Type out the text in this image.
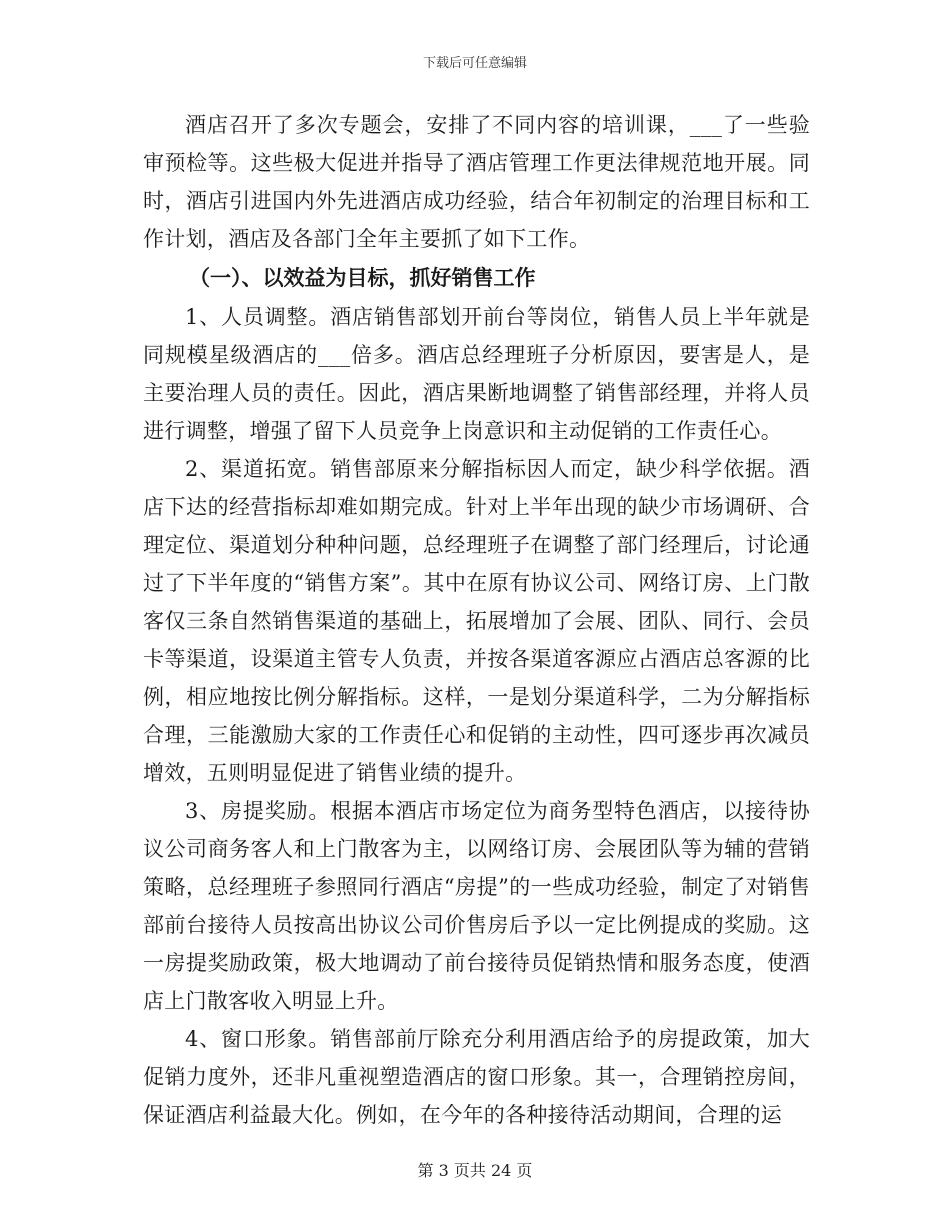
下载后可任意编辑

酒店召开了多次专题会，安排了不同内容的培训课，___了一些验审预检等。这些极大促进并指导了酒店管理工作更法律规范地开展。同时，酒店引进国内外先进酒店成功经验，结合年初制定的治理目标和工作计划，酒店及各部门全年主要抓了如下工作。

（一）、以效益为目标，抓好销售工作

1、人员调整。酒店销售部划开前台等岗位，销售人员上半年就是同规模星级酒店的___倍多。酒店总经理班子分析原因，要害是人，是主要治理人员的责任。因此，酒店果断地调整了销售部经理，并将人员进行调整，增强了留下人员竞争上岗意识和主动促销的工作责任心。

2、渠道拓宽。销售部原来分解指标因人而定，缺少科学依据。酒店下达的经营指标却难如期完成。针对上半年出现的缺少市场调研、合理定位、渠道划分种种问题，总经理班子在调整了部门经理后，讨论通过了下半年度的“销售方案”。其中在原有协议公司、网络订房、上门散客仅三条自然销售渠道的基础上，拓展增加了会展、团队、同行、会员卡等渠道，设渠道主管专人负责，并按各渠道客源应占酒店总客源的比例，相应地按比例分解指标。这样，一是划分渠道科学，二为分解指标合理，三能激励大家的工作责任心和促销的主动性，四可逐步再次减员增效，五则明显促进了销售业绩的提升。

3、房提奖励。根据本酒店市场定位为商务型特色酒店，以接待协议公司商务客人和上门散客为主，以网络订房、会展团队等为辅的营销策略，总经理班子参照同行酒店“房提”的一些成功经验，制定了对销售部前台接待人员按高出协议公司价售房后予以一定比例提成的奖励。这一房提奖励政策，极大地调动了前台接待员促销热情和服务态度，使酒店上门散客收入明显上升。

4、窗口形象。销售部前厅除充分利用酒店给予的房提政策，加大促销力度外，还非凡重视塑造酒店的窗口形象。其一，合理销控房间，保证酒店利益最大化。例如，在今年的各种接待活动期间，合理的运

第 3 页共 24 页
